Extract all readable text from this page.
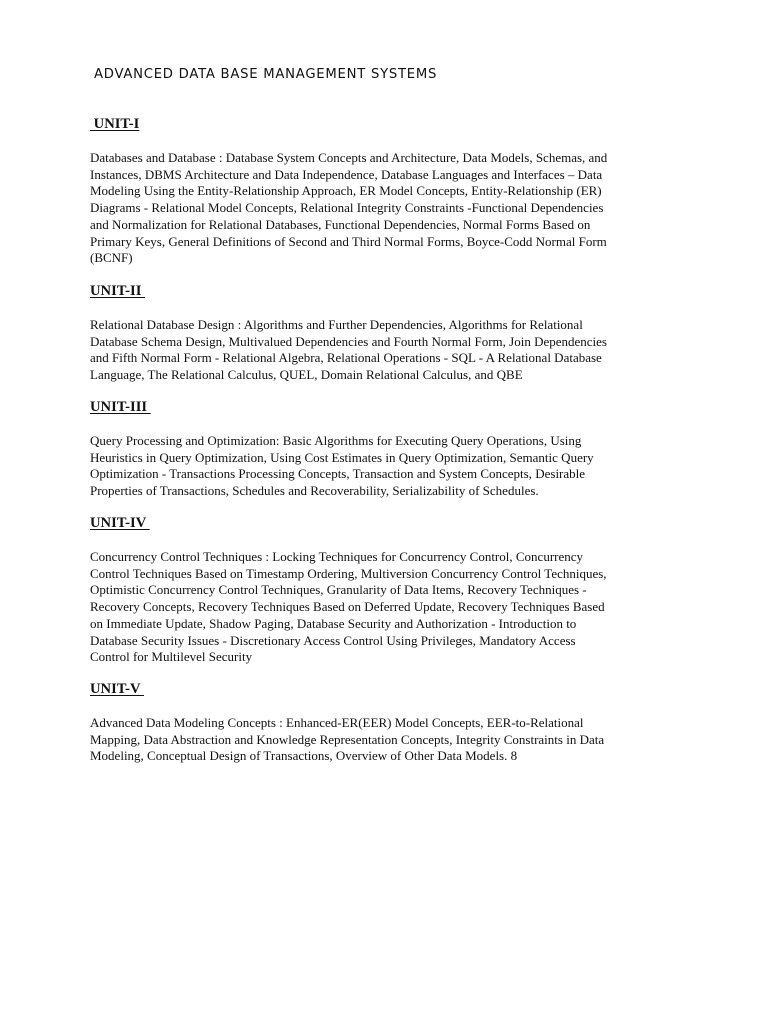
ADVANCED DATA BASE MANAGEMENT SYSTEMS
UNIT-I
Databases and Database : Database System Concepts and Architecture, Data Models, Schemas, and
Instances, DBMS Architecture and Data Independence, Database Languages and Interfaces – Data
Modeling Using the Entity-Relationship Approach, ER Model Concepts, Entity-Relationship (ER)
Diagrams - Relational Model Concepts, Relational Integrity Constraints -Functional Dependencies
and Normalization for Relational Databases, Functional Dependencies, Normal Forms Based on
Primary Keys, General Definitions of Second and Third Normal Forms, Boyce-Codd Normal Form
(BCNF)
UNIT-II
Relational Database Design : Algorithms and Further Dependencies, Algorithms for Relational
Database Schema Design, Multivalued Dependencies and Fourth Normal Form, Join Dependencies
and Fifth Normal Form - Relational Algebra, Relational Operations - SQL - A Relational Database
Language, The Relational Calculus, QUEL, Domain Relational Calculus, and QBE
UNIT-III
Query Processing and Optimization: Basic Algorithms for Executing Query Operations, Using
Heuristics in Query Optimization, Using Cost Estimates in Query Optimization, Semantic Query
Optimization - Transactions Processing Concepts, Transaction and System Concepts, Desirable
Properties of Transactions, Schedules and Recoverability, Serializability of Schedules.
UNIT-IV
Concurrency Control Techniques : Locking Techniques for Concurrency Control, Concurrency
Control Techniques Based on Timestamp Ordering, Multiversion Concurrency Control Techniques,
Optimistic Concurrency Control Techniques, Granularity of Data Items, Recovery Techniques -
Recovery Concepts, Recovery Techniques Based on Deferred Update, Recovery Techniques Based
on Immediate Update, Shadow Paging, Database Security and Authorization - Introduction to
Database Security Issues - Discretionary Access Control Using Privileges, Mandatory Access
Control for Multilevel Security
UNIT-V
Advanced Data Modeling Concepts : Enhanced-ER(EER) Model Concepts, EER-to-Relational
Mapping, Data Abstraction and Knowledge Representation Concepts, Integrity Constraints in Data
Modeling, Conceptual Design of Transactions, Overview of Other Data Models. 8
